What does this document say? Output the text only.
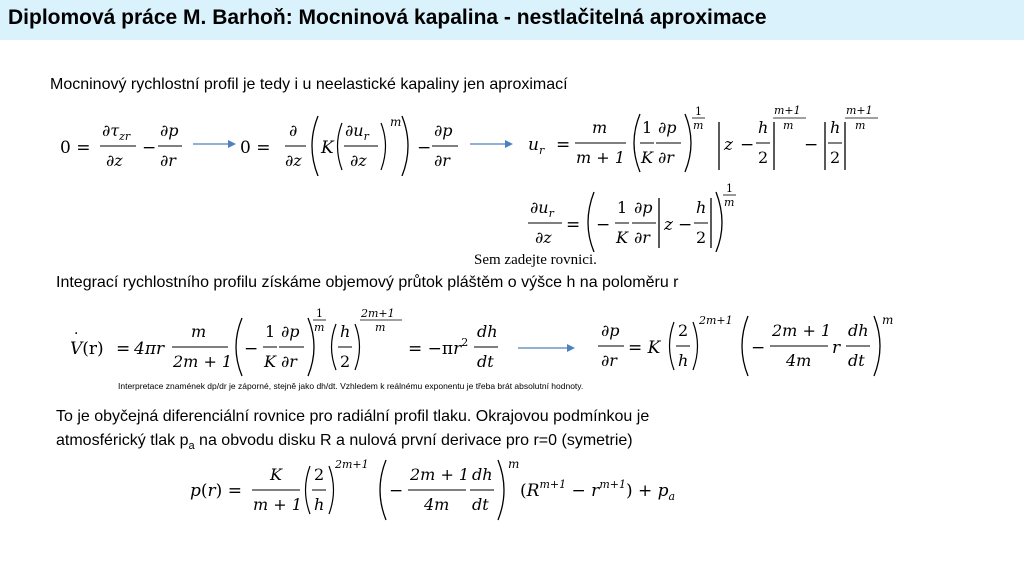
Diplomová práce M. Barhoň: Mocninová kapalina - nestlačitelná aproximace
Mocninový rychlostní profil je tedy i u neelastické kapaliny jen aproximací
0 =
$\partial\tau_{zr}$
∂z
−
∂p
∂r
0 =
∂
∂z
K
$\partial u_r$
∂z
m
−
∂p
∂r
$u_r$ =
m
m + 1
1
K
∂p
∂r
1
m
z −
h
2
m+1
m
−
h
2
m+1
m
$\partial u_r$
∂z
= −
1
K
∂p
∂r
z −
h
2
1
m
Sem zadejte rovnici.
Integrací rychlostního profilu získáme objemový průtok pláštěm o výšce h na poloměru r
V(r)
·
= 4πr
m
2m + 1
−
1
K
∂p
∂r
1
m h
2
2m+1
m
= $-\pi r^2$
dh
dt
∂p
∂r
= K
2
h
2m+1
−
2m + 1
4m
r
dh
dt
m
Interpretace znamének dp/dr je záporné, stejně jako dh/dt. Vzhledem k reálnému exponentu je třeba brát absolutní hodnoty.
To je obyčejná diferenciální rovnice pro radiální profil tlaku. Okrajovou podmínkou je
atmosférický tlak $p_a$ na obvodu disku R a nulová první derivace pro r=0 (symetrie)
p(r) =
K
m + 1
2
h
2m+1
−
2m + 1
4m
dh
dt
m
$(R^{m+1} - r^{m+1}) + p_a$
